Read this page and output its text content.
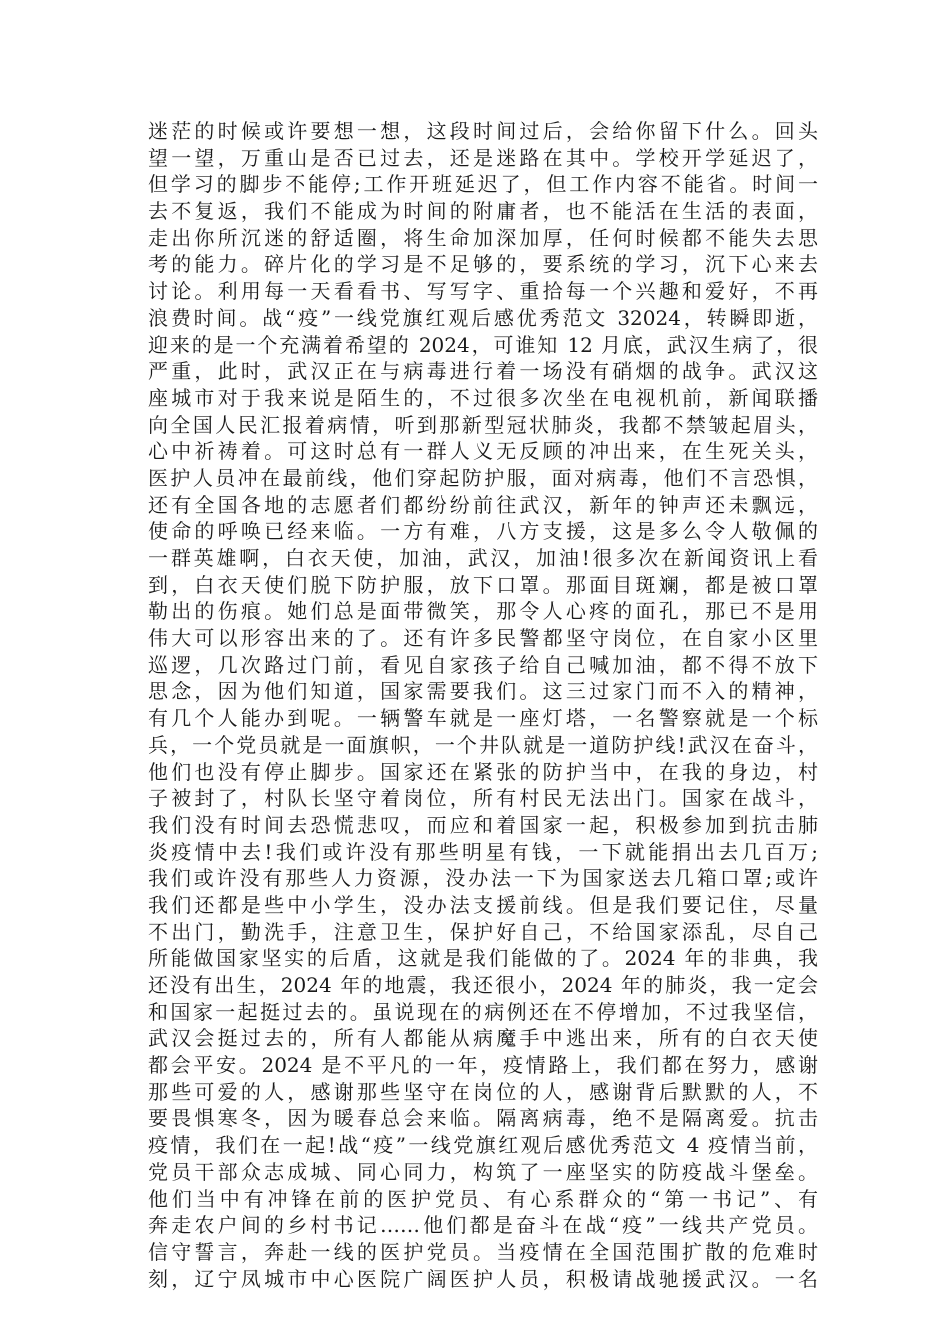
迷茫的时候或许要想一想，这段时间过后，会给你留下什么。回头
望一望，万重山是否已过去，还是迷路在其中。学校开学延迟了，
但学习的脚步不能停;工作开班延迟了，但工作内容不能省。时间一
去不复返，我们不能成为时间的附庸者，也不能活在生活的表面，
走出你所沉迷的舒适圈，将生命加深加厚，任何时候都不能失去思
考的能力。碎片化的学习是不足够的，要系统的学习，沉下心来去
讨论。利用每一天看看书、写写字、重拾每一个兴趣和爱好，不再
浪费时间。战“疫”一线党旗红观后感优秀范文 32024，转瞬即逝，
迎来的是一个充满着希望的 2024，可谁知 12 月底，武汉生病了，很
严重，此时，武汉正在与病毒进行着一场没有硝烟的战争。武汉这
座城市对于我来说是陌生的，不过很多次坐在电视机前，新闻联播
向全国人民汇报着病情，听到那新型冠状肺炎，我都不禁皱起眉头，
心中祈祷着。可这时总有一群人义无反顾的冲出来，在生死关头，
医护人员冲在最前线，他们穿起防护服，面对病毒，他们不言恐惧，
还有全国各地的志愿者们都纷纷前往武汉，新年的钟声还未飘远，
使命的呼唤已经来临。一方有难，八方支援，这是多么令人敬佩的
一群英雄啊，白衣天使，加油，武汉，加油!很多次在新闻资讯上看
到，白衣天使们脱下防护服，放下口罩。那面目斑斓，都是被口罩
勒出的伤痕。她们总是面带微笑，那令人心疼的面孔，那已不是用
伟大可以形容出来的了。还有许多民警都坚守岗位，在自家小区里
巡逻，几次路过门前，看见自家孩子给自己喊加油，都不得不放下
思念，因为他们知道，国家需要我们。这三过家门而不入的精神，
有几个人能办到呢。一辆警车就是一座灯塔，一名警察就是一个标
兵，一个党员就是一面旗帜，一个井队就是一道防护线!武汉在奋斗，
他们也没有停止脚步。国家还在紧张的防护当中，在我的身边，村
子被封了，村队长坚守着岗位，所有村民无法出门。国家在战斗，
我们没有时间去恐慌悲叹，而应和着国家一起，积极参加到抗击肺
炎疫情中去!我们或许没有那些明星有钱，一下就能捐出去几百万;
我们或许没有那些人力资源，没办法一下为国家送去几箱口罩;或许
我们还都是些中小学生，没办法支援前线。但是我们要记住，尽量
不出门，勤洗手，注意卫生，保护好自己，不给国家添乱，尽自己
所能做国家坚实的后盾，这就是我们能做的了。2024 年的非典，我
还没有出生，2024 年的地震，我还很小，2024 年的肺炎，我一定会
和国家一起挺过去的。虽说现在的病例还在不停增加，不过我坚信，
武汉会挺过去的，所有人都能从病魔手中逃出来，所有的白衣天使
都会平安。2024 是不平凡的一年，疫情路上，我们都在努力，感谢
那些可爱的人，感谢那些坚守在岗位的人，感谢背后默默的人，不
要畏惧寒冬，因为暖春总会来临。隔离病毒，绝不是隔离爱。抗击
疫情，我们在一起!战“疫”一线党旗红观后感优秀范文 4 疫情当前，
党员干部众志成城、同心同力，构筑了一座坚实的防疫战斗堡垒。
他们当中有冲锋在前的医护党员、有心系群众的“第一书记”、有
奔走农户间的乡村书记……他们都是奋斗在战“疫”一线共产党员。
信守誓言，奔赴一线的医护党员。当疫情在全国范围扩散的危难时
刻，辽宁凤城市中心医院广阔医护人员，积极请战驰援武汉。一名
